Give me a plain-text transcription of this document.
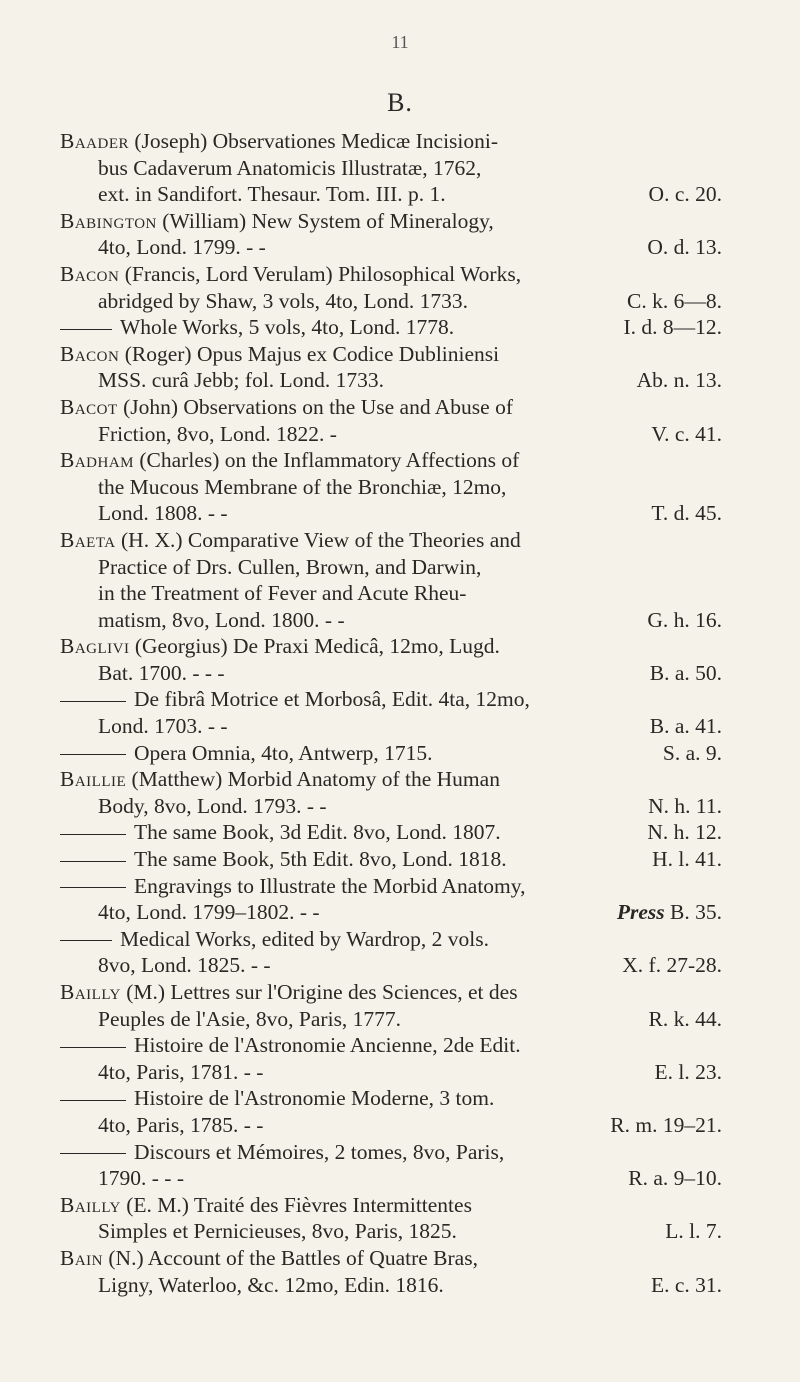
11
B.
Baader (Joseph) Observationes Medicæ Incisioni-
bus Cadaverum Anatomicis Illustratæ, 1762,
ext. in Sandifort. Thesaur. Tom. III. p. 1.	O. c. 20.
Babington (William) New System of Mineralogy,
4to, Lond. 1799. - -	O. d. 13.
Bacon (Francis, Lord Verulam) Philosophical Works,
abridged by Shaw, 3 vols, 4to, Lond. 1733.	C. k. 6—8.
Whole Works, 5 vols, 4to, Lond. 1778.	I. d. 8—12.
Bacon (Roger) Opus Majus ex Codice Dubliniensi
MSS. curâ Jebb; fol. Lond. 1733.	Ab. n. 13.
Bacot (John) Observations on the Use and Abuse of
Friction, 8vo, Lond. 1822. -	V. c. 41.
Badham (Charles) on the Inflammatory Affections of
the Mucous Membrane of the Bronchiæ, 12mo,
Lond. 1808. - -	T. d. 45.
Baeta (H. X.) Comparative View of the Theories and
Practice of Drs. Cullen, Brown, and Darwin,
in the Treatment of Fever and Acute Rheu-
matism, 8vo, Lond. 1800. - -	G. h. 16.
Baglivi (Georgius) De Praxi Medicâ, 12mo, Lugd.
Bat. 1700. - - -	B. a. 50.
De fibrâ Motrice et Morbosâ, Edit. 4ta, 12mo,
Lond. 1703. - -	B. a. 41.
Opera Omnia, 4to, Antwerp, 1715.	S. a. 9.
Baillie (Matthew) Morbid Anatomy of the Human
Body, 8vo, Lond. 1793. - -	N. h. 11.
The same Book, 3d Edit. 8vo, Lond. 1807.	N. h. 12.
The same Book, 5th Edit. 8vo, Lond. 1818.	H. l. 41.
Engravings to Illustrate the Morbid Anatomy,
4to, Lond. 1799–1802. - -	Press B. 35.
Medical Works, edited by Wardrop, 2 vols.
8vo, Lond. 1825. - -	X. f. 27-28.
Bailly (M.) Lettres sur l'Origine des Sciences, et des
Peuples de l'Asie, 8vo, Paris, 1777.	R. k. 44.
Histoire de l'Astronomie Ancienne, 2de Edit.
4to, Paris, 1781. - -	E. l. 23.
Histoire de l'Astronomie Moderne, 3 tom.
4to, Paris, 1785. - -	R. m. 19–21.
Discours et Mémoires, 2 tomes, 8vo, Paris,
1790. - - -	R. a. 9–10.
Bailly (E. M.) Traité des Fièvres Intermittentes
Simples et Pernicieuses, 8vo, Paris, 1825.	L. l. 7.
Bain (N.) Account of the Battles of Quatre Bras,
Ligny, Waterloo, &c. 12mo, Edin. 1816.	E. c. 31.
